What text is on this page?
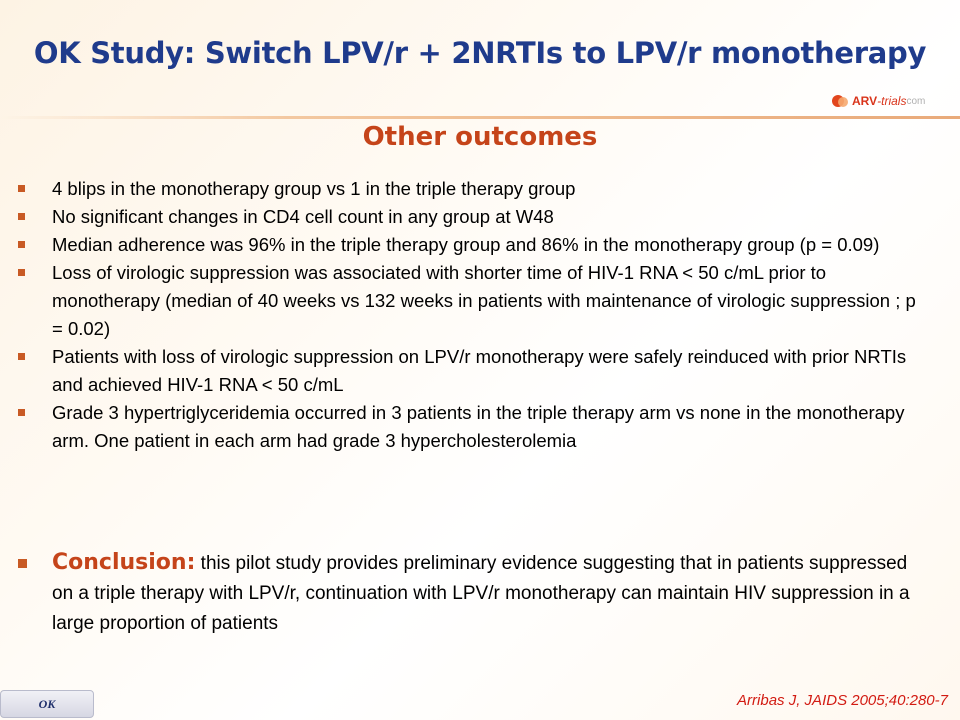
OK Study: Switch LPV/r + 2NRTIs to LPV/r monotherapy
ARV -trials com
Other outcomes
4 blips in the monotherapy group vs 1 in the triple therapy group
No significant changes in CD4 cell count in any group at W48
Median adherence was 96% in the triple therapy group and 86% in the monotherapy group (p = 0.09)
Loss of virologic suppression was associated with shorter time of HIV-1 RNA < 50 c/mL prior to monotherapy (median of 40 weeks vs 132 weeks in patients with maintenance of virologic suppression ; p = 0.02)
Patients with loss of virologic suppression on LPV/r monotherapy were safely reinduced with prior NRTIs and achieved HIV-1 RNA < 50 c/mL
Grade 3 hypertriglyceridemia occurred in 3 patients in the triple therapy arm vs none in the monotherapy arm. One patient in each arm had grade 3 hypercholesterolemia
Conclusion: this pilot study provides preliminary evidence suggesting that in patients suppressed on a triple therapy with LPV/r, continuation with LPV/r monotherapy can maintain HIV suppression in a large proportion of patients
OK	Arribas J, JAIDS 2005;40:280-7
